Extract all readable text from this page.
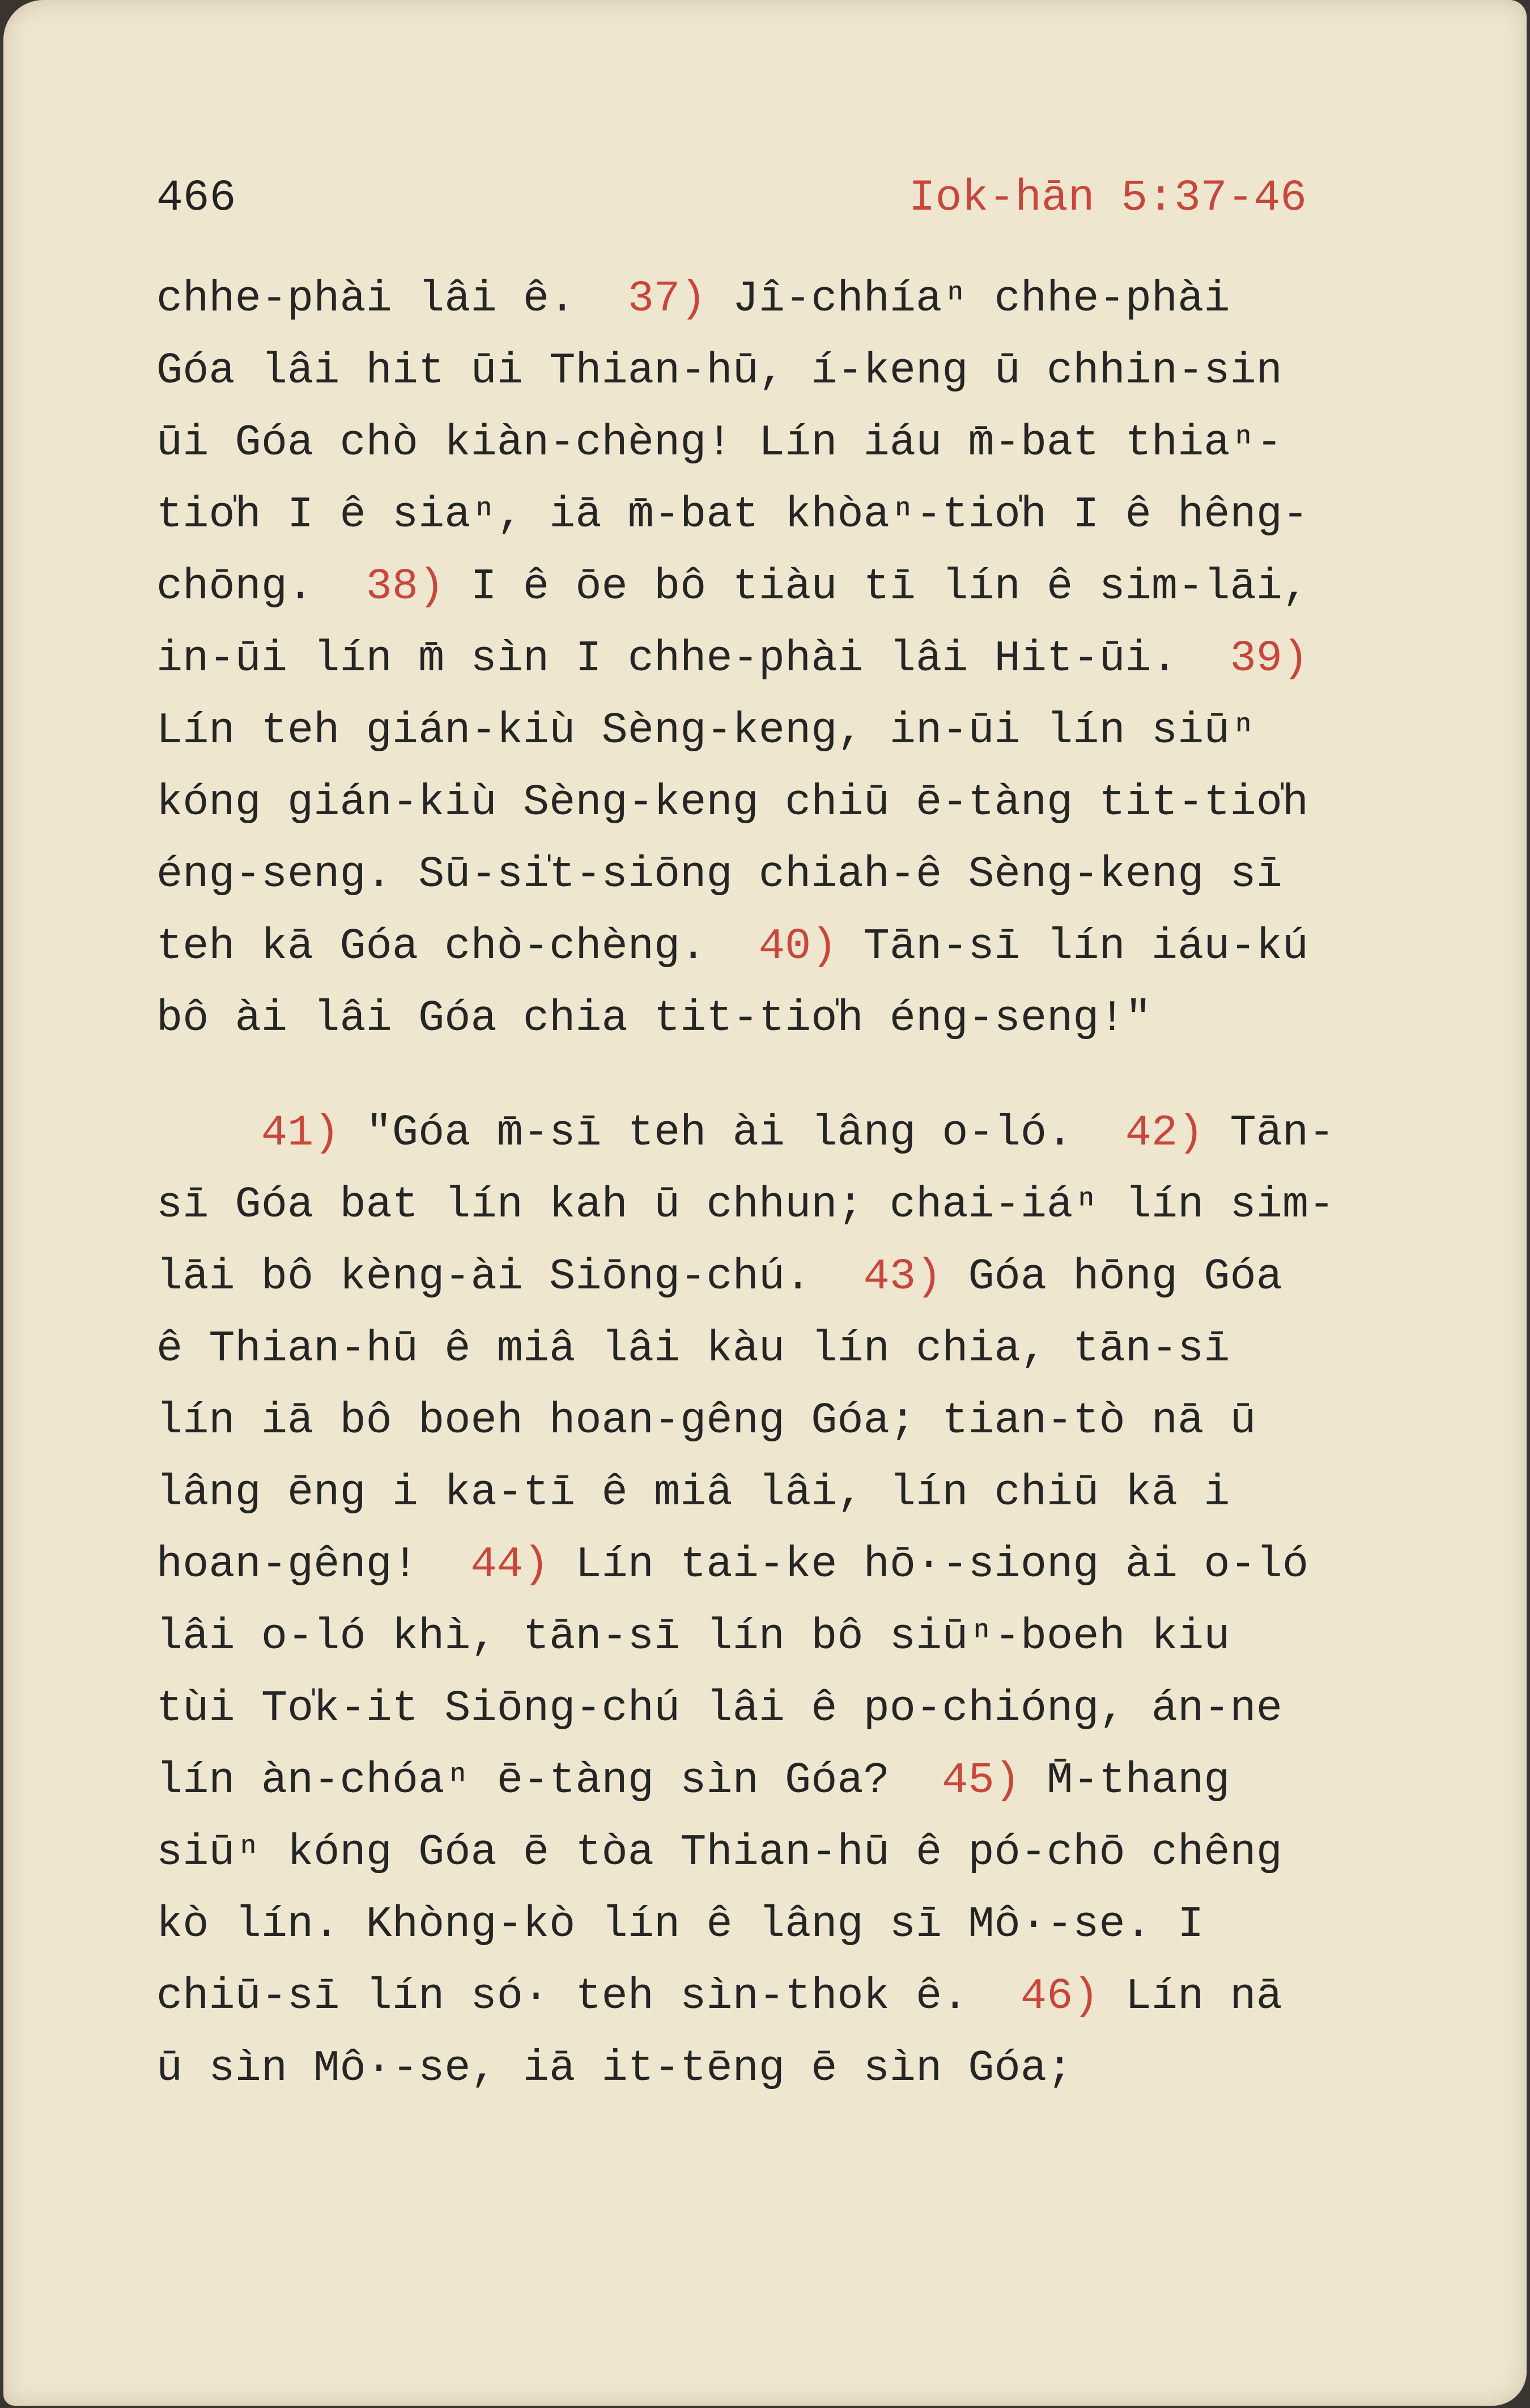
466	Iok-hān 5:37-46
chhe-phài lâi ê.  37) Jî-chhíaⁿ chhe-phài
Góa lâi hit ūi Thian-hū, í-keng ū chhin-sin
ūi Góa chò kiàn-chèng! Lín iáu m̄-bat thiaⁿ-
tio̍h I ê siaⁿ, iā m̄-bat khòaⁿ-tio̍h I ê hêng-
chōng.  38) I ê ōe bô tiàu tī lín ê sim-lāi,
in-ūi lín m̄ sìn I chhe-phài lâi Hit-ūi.  39)
Lín teh gián-kiù Sèng-keng, in-ūi lín siūⁿ
kóng gián-kiù Sèng-keng chiū ē-tàng tit-tio̍h
éng-seng. Sū-si̍t-siōng chiah-ê Sèng-keng sī
teh kā Góa chò-chèng.  40) Tān-sī lín iáu-kú
bô ài lâi Góa chia tit-tio̍h éng-seng!"
41) "Góa m̄-sī teh ài lâng o-ló.  42) Tān-
sī Góa bat lín kah ū chhun; chai-iáⁿ lín sim-
lāi bô kèng-ài Siōng-chú.  43) Góa hōng Góa
ê Thian-hū ê miâ lâi kàu lín chia, tān-sī
lín iā bô boeh hoan-gêng Góa; tian-tò nā ū
lâng ēng i ka-tī ê miâ lâi, lín chiū kā i
hoan-gêng!  44) Lín tai-ke hō·-siong ài o-ló
lâi o-ló khì, tān-sī lín bô siūⁿ-boeh kiu
tùi To̍k-it Siōng-chú lâi ê po-chióng, án-ne
lín àn-chóaⁿ ē-tàng sìn Góa?  45) M̄-thang
siūⁿ kóng Góa ē tòa Thian-hū ê pó-chō chêng
kò lín. Khòng-kò lín ê lâng sī Mô·-se. I
chiū-sī lín só· teh sìn-thok ê.  46) Lín nā
ū sìn Mô·-se, iā it-tēng ē sìn Góa;
